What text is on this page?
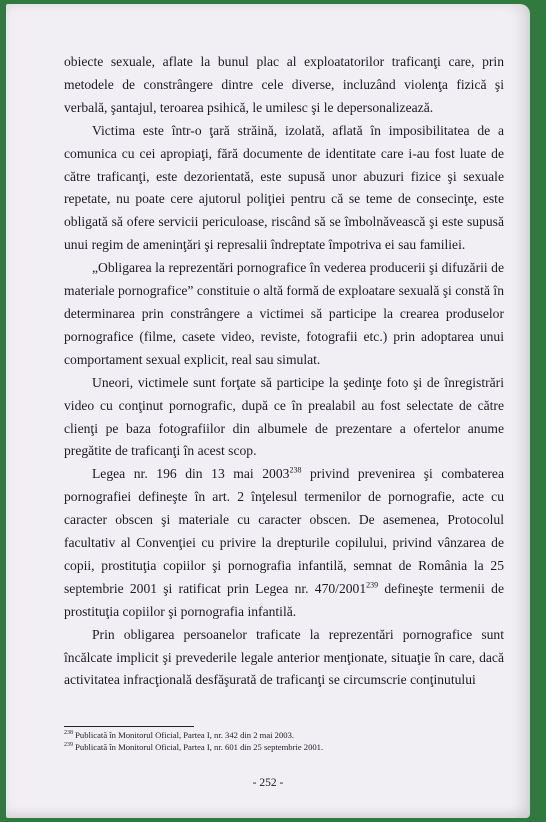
obiecte sexuale, aflate la bunul plac al exploatatorilor traficanţi care, prin metodele de constrângere dintre cele diverse, incluzând violenţa fizică şi verbală, şantajul, teroarea psihică, le umilesc şi le depersonalizează.

Victima este într-o ţară străină, izolată, aflată în imposibilitatea de a comunica cu cei apropiaţi, fără documente de identitate care i-au fost luate de către traficanţi, este dezorientată, este supusă unor abuzuri fizice şi sexuale repetate, nu poate cere ajutorul poliţiei pentru că se teme de consecinţe, este obligată să ofere servicii periculoase, riscând să se îmbolnăvească şi este supusă unui regim de ameninţări şi represalii îndreptate împotriva ei sau familiei.

„Obligarea la reprezentări pornografice în vederea producerii şi difuzării de materiale pornografice” constituie o altă formă de exploatare sexuală şi constă în determinarea prin constrângere a victimei să participe la crearea produselor pornografice (filme, casete video, reviste, fotografii etc.) prin adoptarea unui comportament sexual explicit, real sau simulat.

Uneori, victimele sunt forţate să participe la şedinţe foto şi de înregistrări video cu conţinut pornografic, după ce în prealabil au fost selectate de către clienţi pe baza fotografiilor din albumele de prezentare a ofertelor anume pregătite de traficanţi în acest scop.

Legea nr. 196 din 13 mai 2003$^{238}$ privind prevenirea şi combaterea pornografiei defineşte în art. 2 înţelesul termenilor de pornografie, acte cu caracter obscen şi materiale cu caracter obscen. De asemenea, Protocolul facultativ al Convenţiei cu privire la drepturile copilului, privind vânzarea de copii, prostituţia copiilor şi pornografia infantilă, semnat de România la 25 septembrie 2001 şi ratificat prin Legea nr. 470/2001$^{239}$ defineşte termenii de prostituţia copiilor şi pornografia infantilă.

Prin obligarea persoanelor traficate la reprezentări pornografice sunt încălcate implicit şi prevederile legale anterior menţionate, situaţie în care, dacă activitatea infracţională desfăşurată de traficanţi se circumscrie conţinutului

$^{238}$ Publicată în Monitorul Oficial, Partea I, nr. 342 din 2 mai 2003.
$^{239}$ Publicată în Monitorul Oficial, Partea I, nr. 601 din 25 septembrie 2001.
- 252 -
